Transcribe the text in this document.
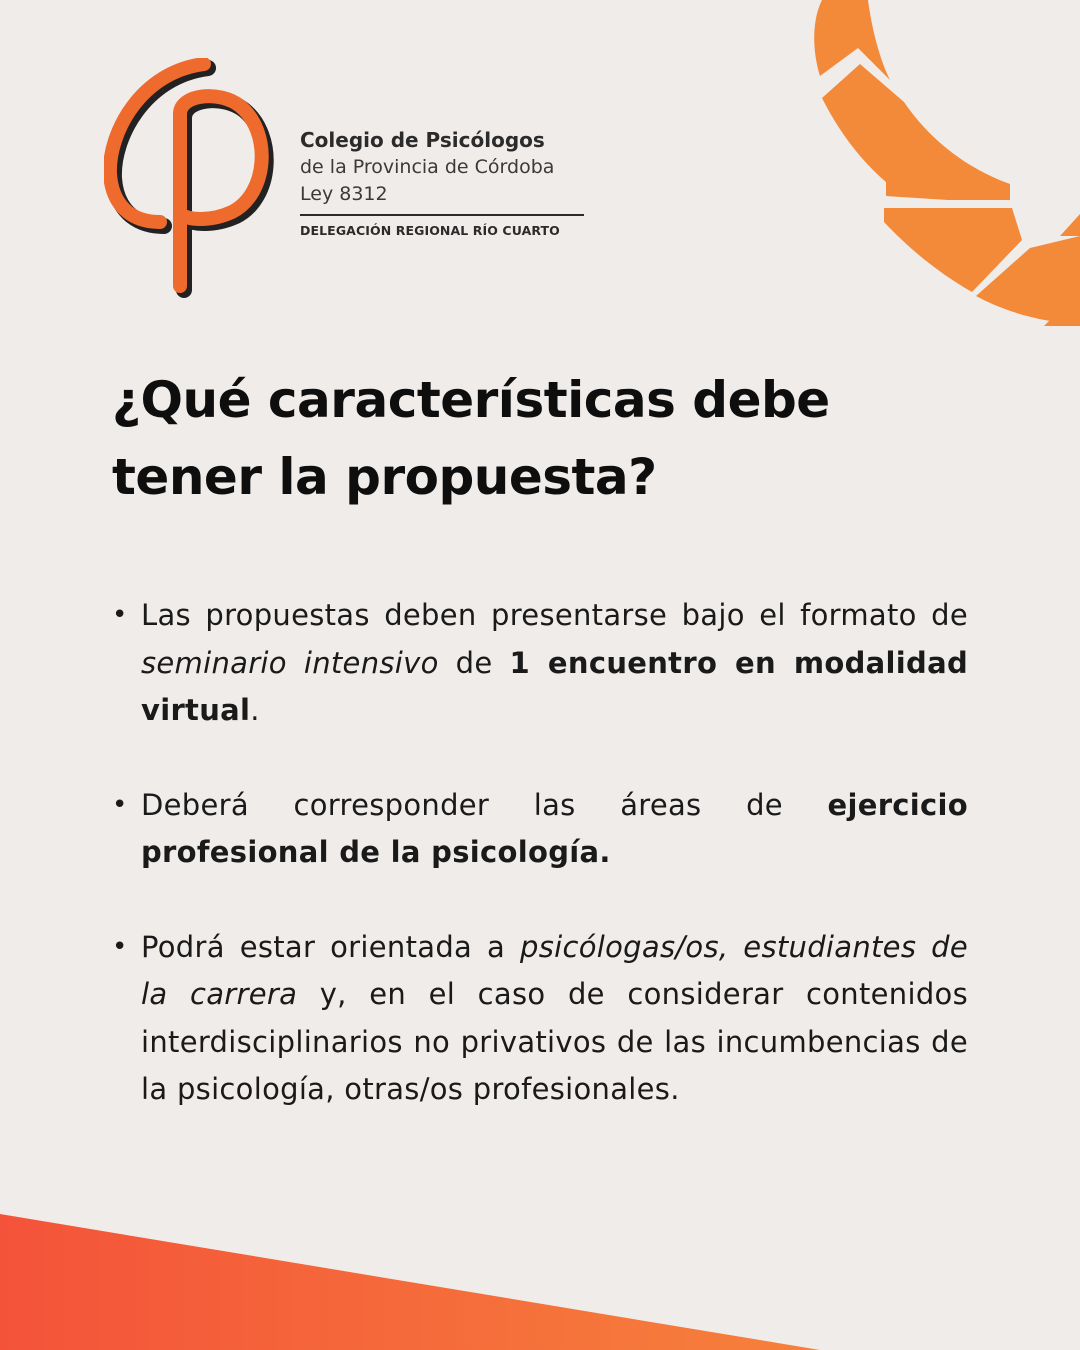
Colegio de Psicólogos
de la Provincia de Córdoba
Ley 8312
DELEGACIÓN REGIONAL RÍO CUARTO
¿Qué características debe
tener la propuesta?
• Las propuestas deben presentarse bajo el formato de seminario intensivo de 1 encuentro en modalidad virtual.
• Deberá corresponder las áreas de ejercicio profesional de la psicología.
• Podrá estar orientada a psicólogas/os, estudiantes de la carrera y, en el caso de considerar contenidos interdisciplinarios no privativos de las incumbencias de la psicología, otras/os profesionales.
